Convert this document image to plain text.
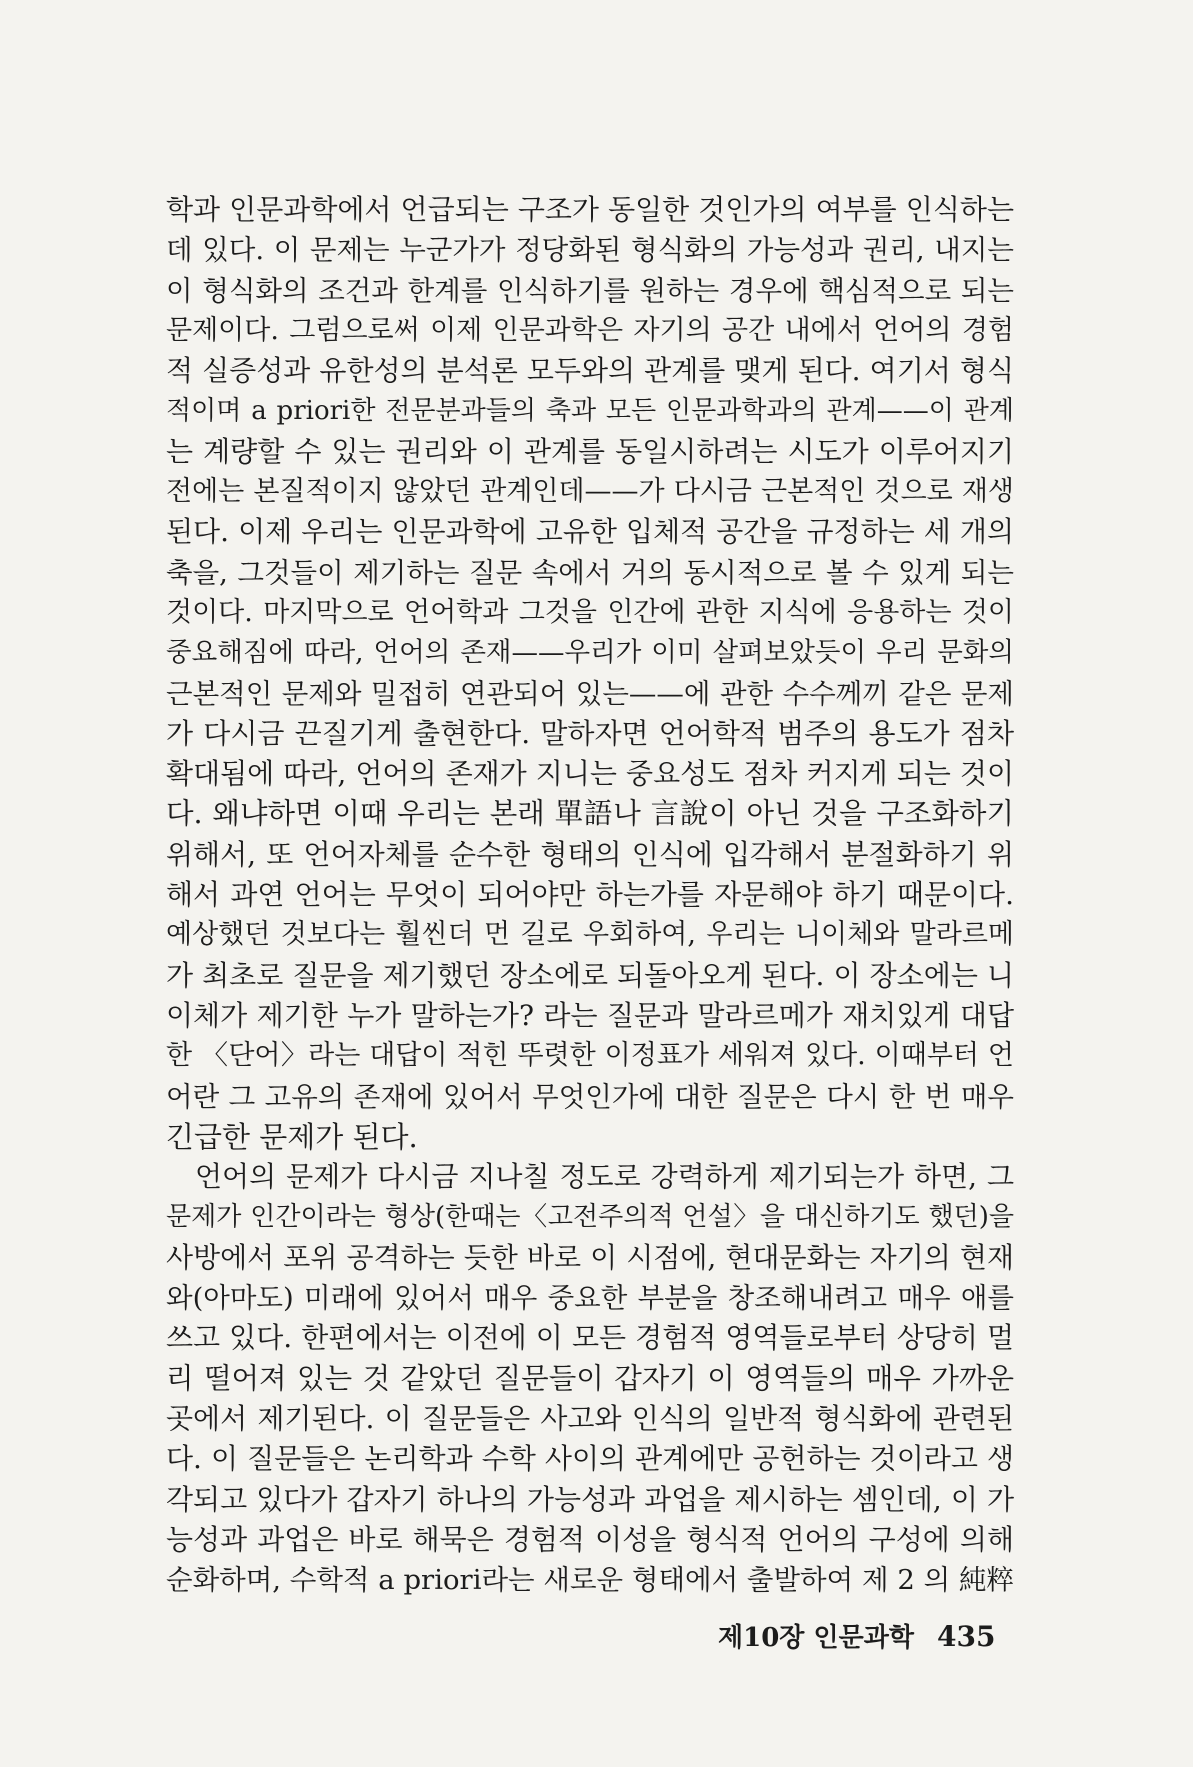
학과 인문과학에서 언급되는 구조가 동일한 것인가의 여부를 인식하는
데 있다. 이 문제는 누군가가 정당화된 형식화의 가능성과 권리, 내지는
이 형식화의 조건과 한계를 인식하기를 원하는 경우에 핵심적으로 되는
문제이다. 그럼으로써 이제 인문과학은 자기의 공간 내에서 언어의 경험
적 실증성과 유한성의 분석론 모두와의 관계를 맺게 된다. 여기서 형식
적이며 a priori한 전문분과들의 축과 모든 인문과학과의 관계——이 관계
는 계량할 수 있는 권리와 이 관계를 동일시하려는 시도가 이루어지기
전에는 본질적이지 않았던 관계인데——가 다시금 근본적인 것으로 재생
된다. 이제 우리는 인문과학에 고유한 입체적 공간을 규정하는 세 개의
축을, 그것들이 제기하는 질문 속에서 거의 동시적으로 볼 수 있게 되는
것이다. 마지막으로 언어학과 그것을 인간에 관한 지식에 응용하는 것이
중요해짐에 따라, 언어의 존재——우리가 이미 살펴보았듯이 우리 문화의
근본적인 문제와 밀접히 연관되어 있는——에 관한 수수께끼 같은 문제
가 다시금 끈질기게 출현한다. 말하자면 언어학적 범주의 용도가 점차
확대됨에 따라, 언어의 존재가 지니는 중요성도 점차 커지게 되는 것이
다. 왜냐하면 이때 우리는 본래 單語나 言說이 아닌 것을 구조화하기
위해서, 또 언어자체를 순수한 형태의 인식에 입각해서 분절화하기 위
해서 과연 언어는 무엇이 되어야만 하는가를 자문해야 하기 때문이다.
예상했던 것보다는 훨씬더 먼 길로 우회하여, 우리는 니이체와 말라르메
가 최초로 질문을 제기했던 장소에로 되돌아오게 된다. 이 장소에는 니
이체가 제기한 누가 말하는가? 라는 질문과 말라르메가 재치있게 대답
한 〈단어〉라는 대답이 적힌 뚜렷한 이정표가 세워져 있다. 이때부터 언
어란 그 고유의 존재에 있어서 무엇인가에 대한 질문은 다시 한 번 매우
긴급한 문제가 된다.
언어의 문제가 다시금 지나칠 정도로 강력하게 제기되는가 하면, 그
문제가 인간이라는 형상(한때는〈고전주의적 언설〉을 대신하기도 했던)을
사방에서 포위 공격하는 듯한 바로 이 시점에, 현대문화는 자기의 현재
와(아마도) 미래에 있어서 매우 중요한 부분을 창조해내려고 매우 애를
쓰고 있다. 한편에서는 이전에 이 모든 경험적 영역들로부터 상당히 멀
리 떨어져 있는 것 같았던 질문들이 갑자기 이 영역들의 매우 가까운
곳에서 제기된다. 이 질문들은 사고와 인식의 일반적 형식화에 관련된
다. 이 질문들은 논리학과 수학 사이의 관계에만 공헌하는 것이라고 생
각되고 있다가 갑자기 하나의 가능성과 과업을 제시하는 셈인데, 이 가
능성과 과업은 바로 해묵은 경험적 이성을 형식적 언어의 구성에 의해
순화하며, 수학적 a priori라는 새로운 형태에서 출발하여 제 2 의 純粹
제10장 인문과학 435
